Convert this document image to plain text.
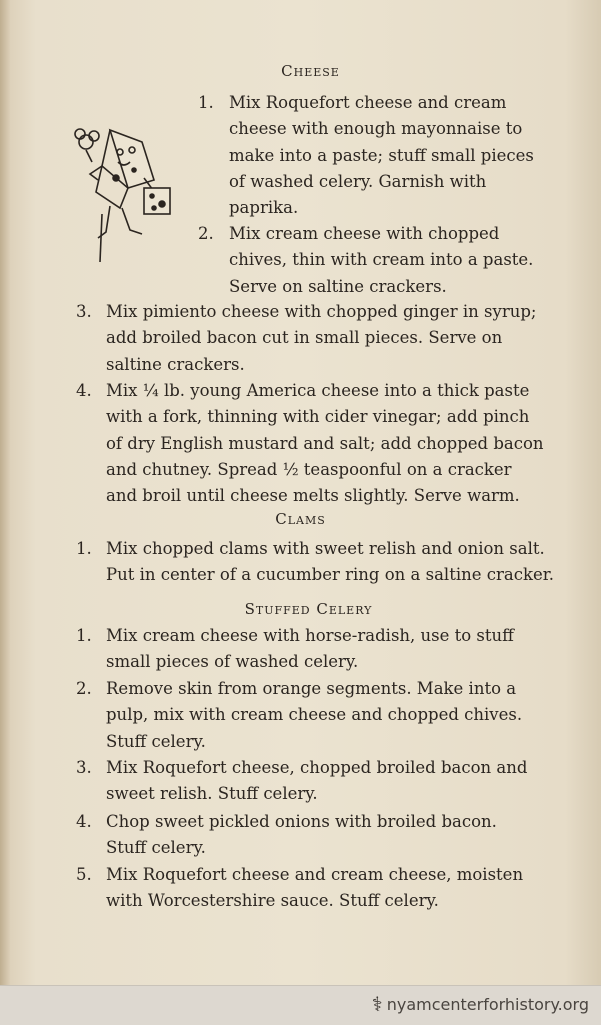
Cheese
1. Mix Roquefort cheese and cream
cheese with enough mayonnaise to
make into a paste; stuff small pieces
of washed celery. Garnish with
paprika.
2. Mix cream cheese with chopped
chives, thin with cream into a paste.
Serve on saltine crackers.
3. Mix pimiento cheese with chopped ginger in syrup;
add broiled bacon cut in small pieces. Serve on
saltine crackers.
4. Mix ¼ lb. young America cheese into a thick paste
with a fork, thinning with cider vinegar; add pinch
of dry English mustard and salt; add chopped bacon
and chutney. Spread ½ teaspoonful on a cracker
and broil until cheese melts slightly. Serve warm.
Clams
1. Mix chopped clams with sweet relish and onion salt.
Put in center of a cucumber ring on a saltine cracker.
Stuffed Celery
1. Mix cream cheese with horse-radish, use to stuff
small pieces of washed celery.
2. Remove skin from orange segments. Make into a
pulp, mix with cream cheese and chopped chives.
Stuff celery.
3. Mix Roquefort cheese, chopped broiled bacon and
sweet relish. Stuff celery.
4. Chop sweet pickled onions with broiled bacon.
Stuff celery.
5. Mix Roquefort cheese and cream cheese, moisten
with Worcestershire sauce. Stuff celery.
⚕ nyamcenterforhistory.org
